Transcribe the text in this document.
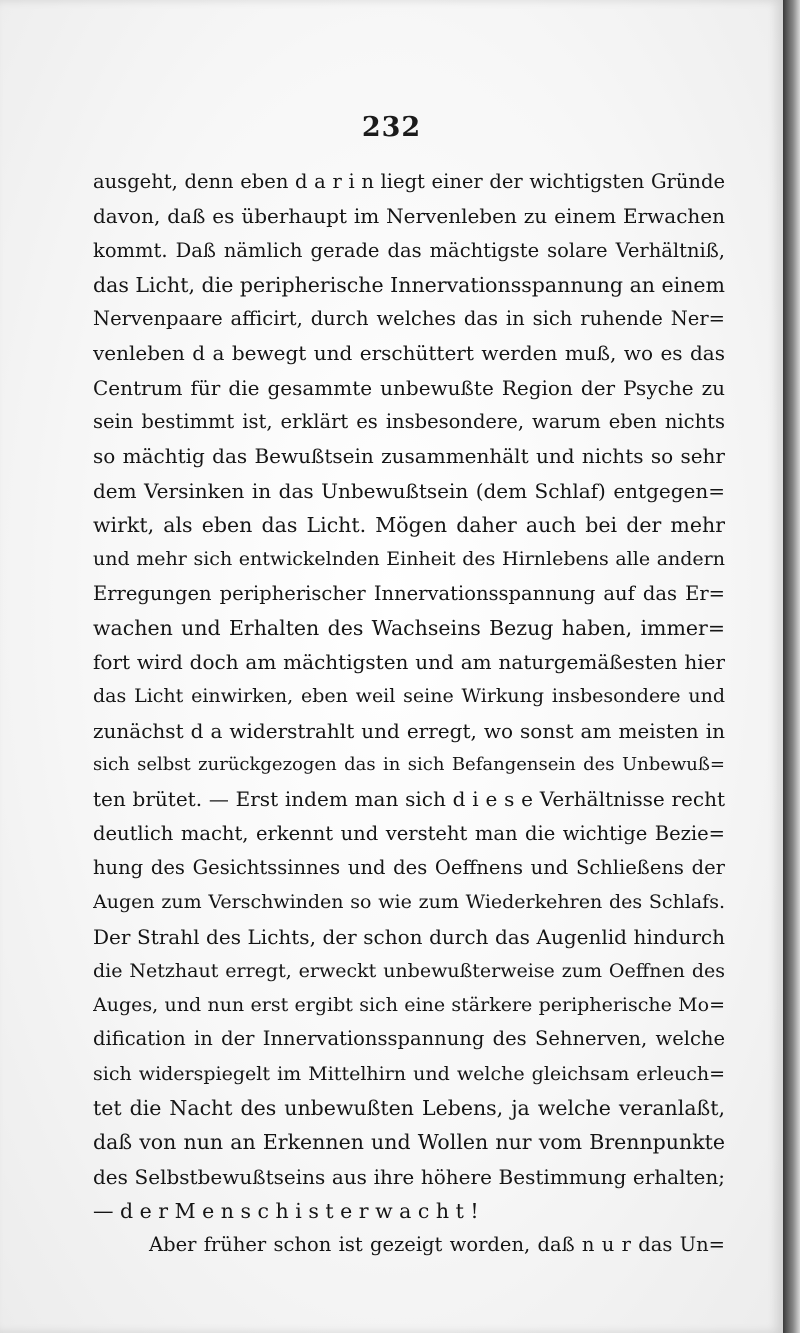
232
ausgeht, denn eben d a r i n liegt einer der wichtigsten Gründe
davon, daß es überhaupt im Nervenleben zu einem Erwachen
kommt. Daß nämlich gerade das mächtigste solare Verhältniß,
das Licht, die peripherische Innervationsspannung an einem
Nervenpaare afficirt, durch welches das in sich ruhende Ner=
venleben d a bewegt und erschüttert werden muß, wo es das
Centrum für die gesammte unbewußte Region der Psyche zu
sein bestimmt ist, erklärt es insbesondere, warum eben nichts
so mächtig das Bewußtsein zusammenhält und nichts so sehr
dem Versinken in das Unbewußtsein (dem Schlaf) entgegen=
wirkt, als eben das Licht. Mögen daher auch bei der mehr
und mehr sich entwickelnden Einheit des Hirnlebens alle andern
Erregungen peripherischer Innervationsspannung auf das Er=
wachen und Erhalten des Wachseins Bezug haben, immer=
fort wird doch am mächtigsten und am naturgemäßesten hier
das Licht einwirken, eben weil seine Wirkung insbesondere und
zunächst d a widerstrahlt und erregt, wo sonst am meisten in
sich selbst zurückgezogen das in sich Befangensein des Unbewuß=
ten brütet. — Erst indem man sich d i e s e Verhältnisse recht
deutlich macht, erkennt und versteht man die wichtige Bezie=
hung des Gesichtssinnes und des Oeffnens und Schließens der
Augen zum Verschwinden so wie zum Wiederkehren des Schlafs.
Der Strahl des Lichts, der schon durch das Augenlid hindurch
die Netzhaut erregt, erweckt unbewußterweise zum Oeffnen des
Auges, und nun erst ergibt sich eine stärkere peripherische Mo=
dification in der Innervationsspannung des Sehnerven, welche
sich widerspiegelt im Mittelhirn und welche gleichsam erleuch=
tet die Nacht des unbewußten Lebens, ja welche veranlaßt,
daß von nun an Erkennen und Wollen nur vom Brennpunkte
des Selbstbewußtseins aus ihre höhere Bestimmung erhalten;
— d e r M e n s c h i s t e r w a c h t !
Aber früher schon ist gezeigt worden, daß n u r das Un=
